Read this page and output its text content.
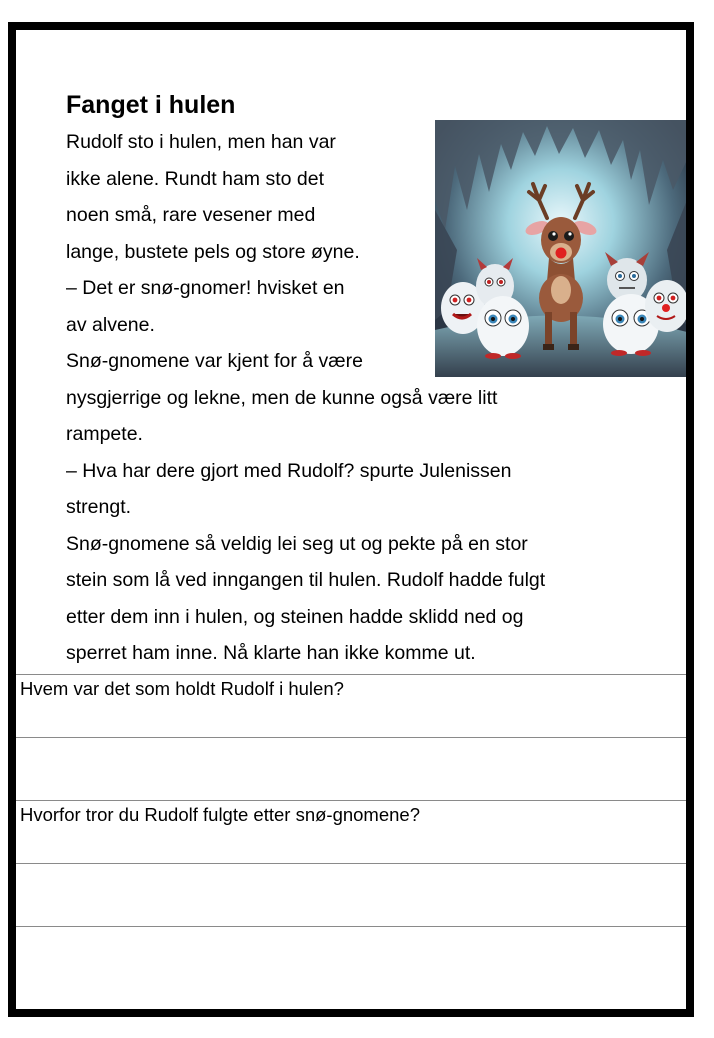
Fanget i hulen

Rudolf sto i hulen, men han var

ikke alene. Rundt ham sto det

noen små, rare vesener med

lange, bustete pels og store øyne.

– Det er snø-gnomer! hvisket en

av alvene.

Snø-gnomene var kjent for å være

nysgjerrige og lekne, men de kunne også være litt

rampete.

– Hva har dere gjort med Rudolf? spurte Julenissen

strengt.

Snø-gnomene så veldig lei seg ut og pekte på en stor

stein som lå ved inngangen til hulen. Rudolf hadde fulgt

etter dem inn i hulen, og steinen hadde sklidd ned og

sperret ham inne. Nå klarte han ikke komme ut.

Hvem var det som holdt Rudolf i hulen?

Hvorfor tror du Rudolf fulgte etter snø-gnomene?
